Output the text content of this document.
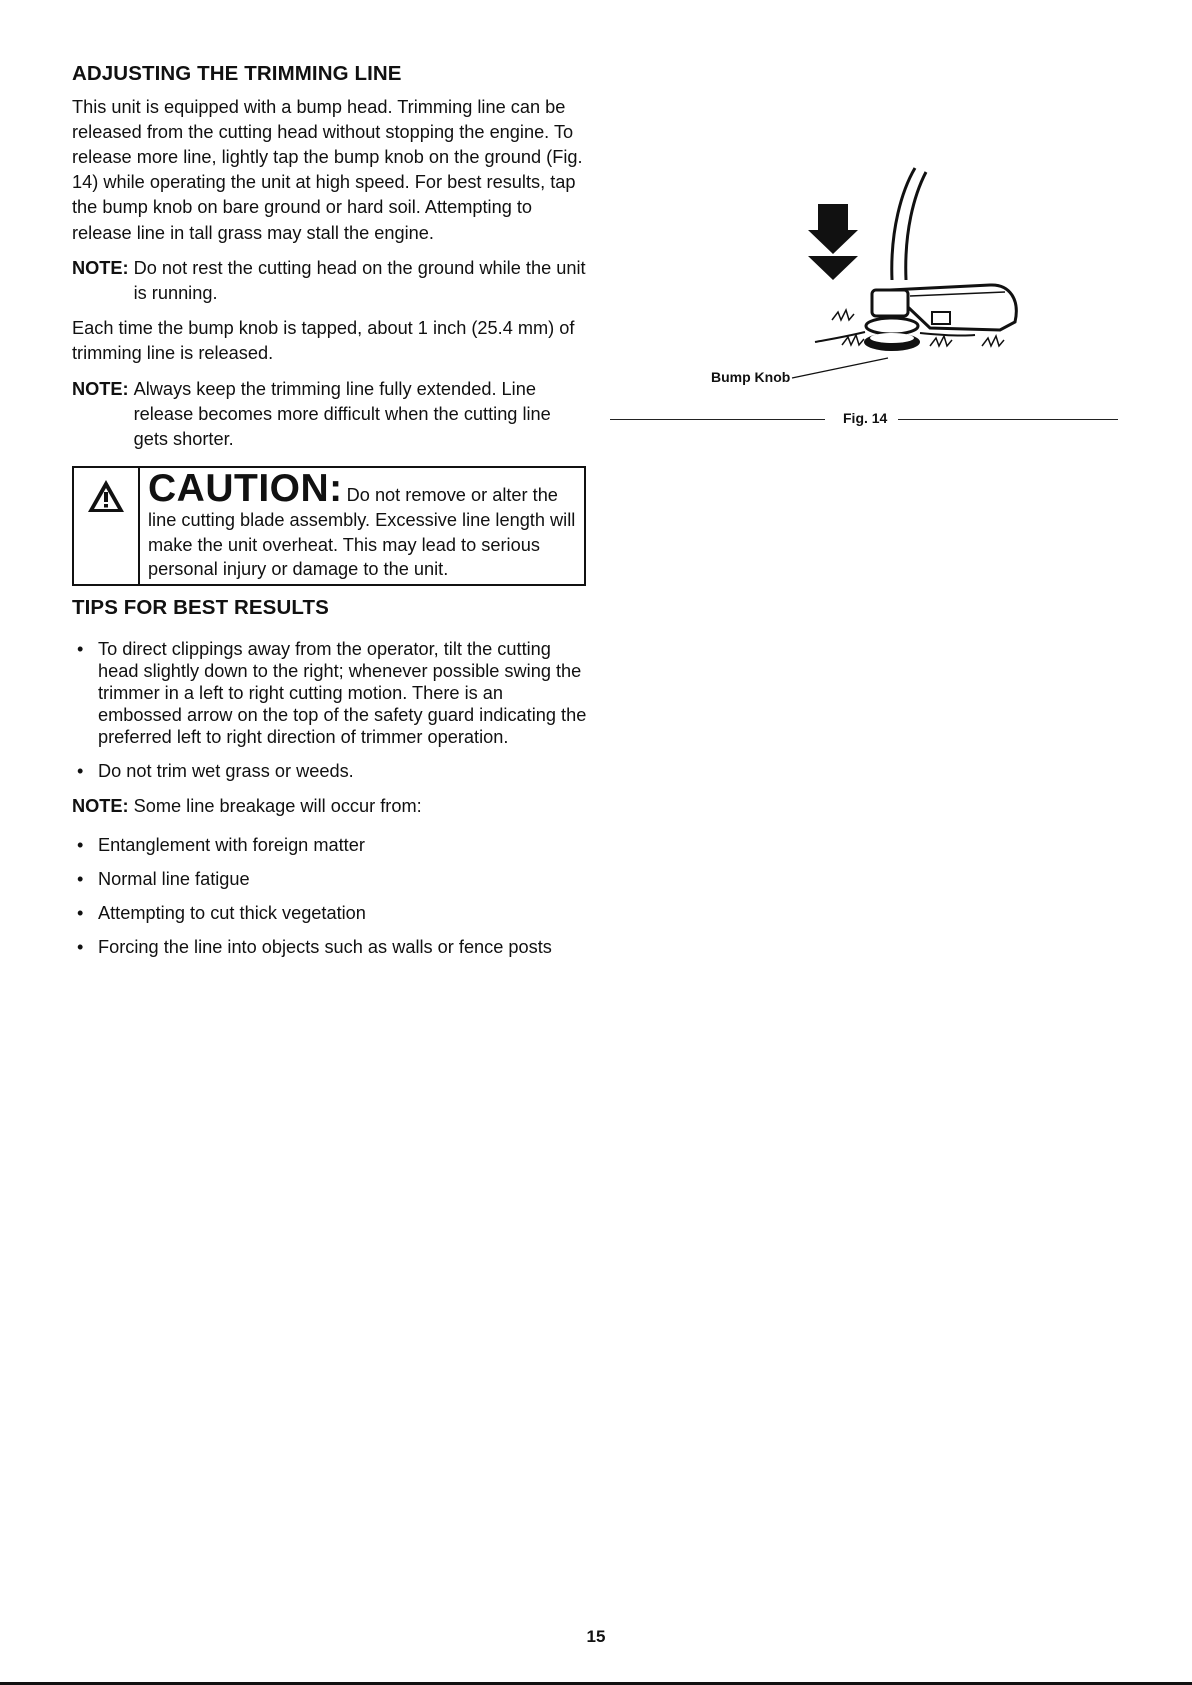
ADJUSTING THE TRIMMING LINE

This unit is equipped with a bump head. Trimming line can be released from the cutting head without stopping the engine. To release more line, lightly tap the bump knob on the ground (Fig. 14) while operating the unit at high speed. For best results, tap the bump knob on bare ground or hard soil. Attempting to release line in tall grass may stall the engine.

NOTE: Do not rest the cutting head on the ground while the unit is running.

Each time the bump knob is tapped, about 1 inch (25.4 mm) of trimming line is released.

NOTE: Always keep the trimming line fully extended. Line release becomes more difficult when the cutting line gets shorter.
CAUTION: Do not remove or alter the line cutting blade assembly. Excessive line length will make the unit overheat. This may lead to serious personal injury or damage to the unit.
TIPS FOR BEST RESULTS
• To direct clippings away from the operator, tilt the cutting head slightly down to the right; whenever possible swing the trimmer in a left to right cutting motion. There is an embossed arrow on the top of the safety guard indicating the preferred left to right direction of trimmer operation.
• Do not trim wet grass or weeds.
NOTE: Some line breakage will occur from:
• Entanglement with foreign matter
• Normal line fatigue
• Attempting to cut thick vegetation
• Forcing the line into objects such as walls or fence posts
Bump Knob
Fig. 14
15
